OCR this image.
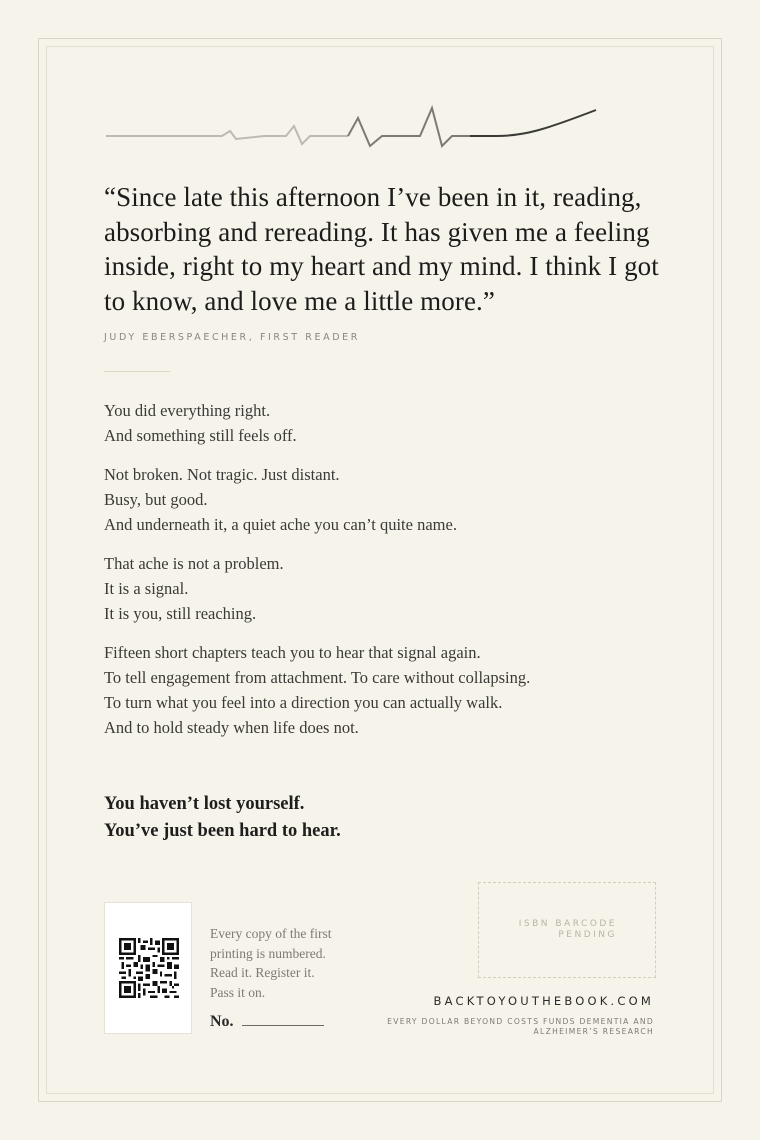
“Since late this afternoon I’ve been in it, reading, absorbing and rereading. It has given me a feeling inside, right to my heart and my mind. I think I got to know, and love me a little more.”

JUDY EBERSPAECHER, FIRST READER

You did everything right.
And something still feels off.

Not broken. Not tragic. Just distant.
Busy, but good.
And underneath it, a quiet ache you can’t quite name.

That ache is not a problem.
It is a signal.
It is you, still reaching.

Fifteen short chapters teach you to hear that signal again.
To tell engagement from attachment. To care without collapsing.
To turn what you feel into a direction you can actually walk.
And to hold steady when life does not.

You haven’t lost yourself.
You’ve just been hard to hear.
Every copy of the first
printing is numbered.
Read it. Register it.
Pass it on.
No.
ISBN BARCODE
PENDING
BACKTOYOUTHEBOOK.COM
EVERY DOLLAR BEYOND COSTS FUNDS DEMENTIA AND
ALZHEIMER’S RESEARCH
